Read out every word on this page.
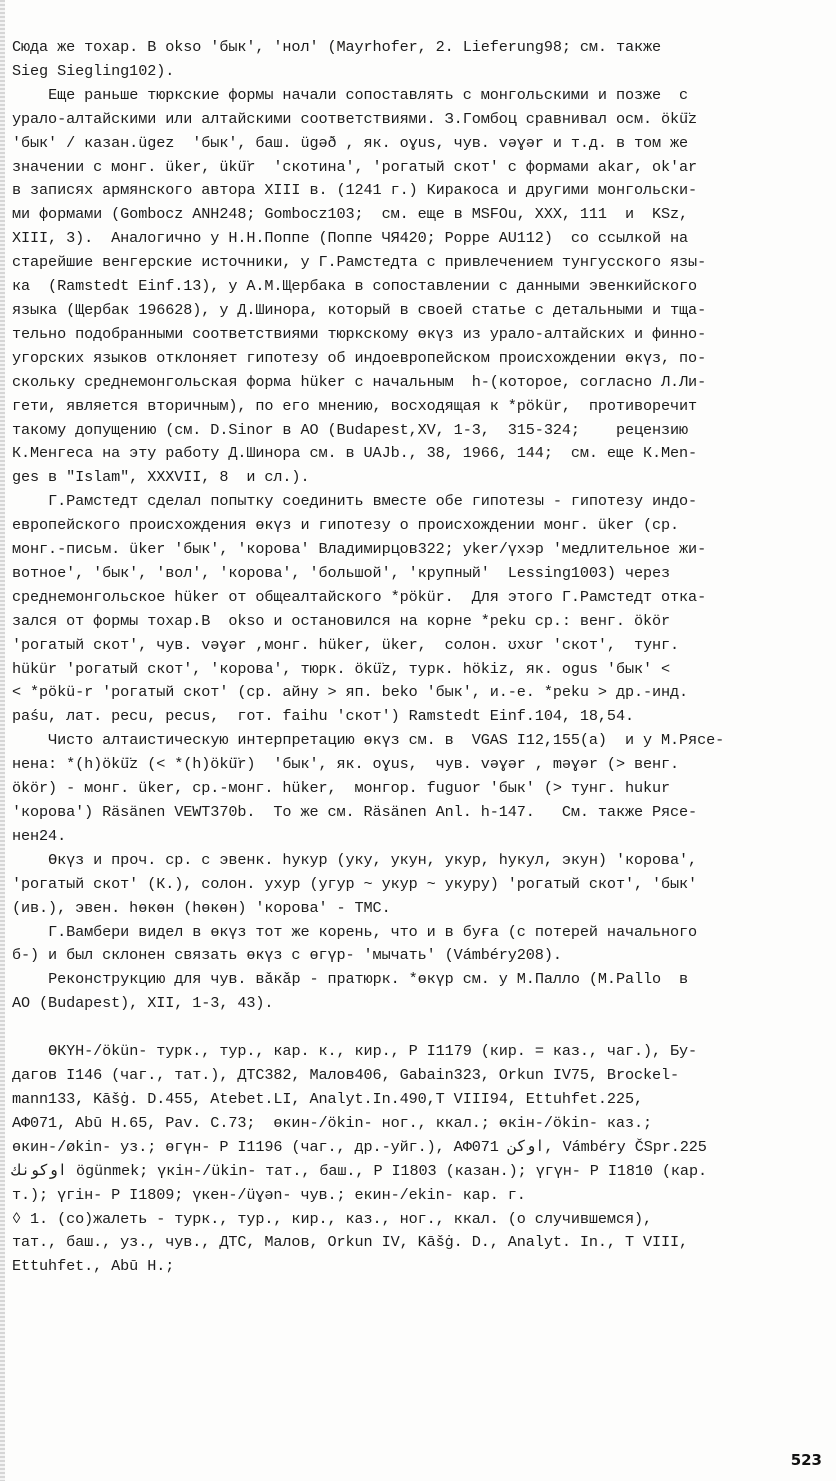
Сюда же тохар. В okso 'бык', 'нол' (Mayrhofer, 2. Lieferung98; см. также
Sieg Siegling102).

Еще раньше тюркские формы начали сопоставлять с монгольскими и позже  с
урало-алтайскими или алтайскими соответствиями. З.Гомбоц сравнивал осм. ökü̈z
'бык' / казан.ügez  'бык', баш. ügəð , як. oɣus, чув. vəɣər и т.д. в том же
значении с монг. üker, ükü̈r  'скотина', 'рогатый скот' с формами akar, ok'ar
в записях армянского автора XIII в. (1241 г.) Киракоса и другими монгольски-
ми формами (Gombocz ANH248; Gombocz103;  см. еще в MSFOu, XXX, 111  и  KSz,
XIII, 3).  Аналогично у Н.Н.Поппе (Поппе ЧЯ420; Poppe AU112)  со ссылкой на
старейшие венгерские источники, у Г.Рамстедта с привлечением тунгусского язы-
ка  (Ramstedt Einf.13), у А.М.Щербака в сопоставлении с данными эвенкийского
языка (Щербак 196628), у Д.Шинора, который в своей статье с детальными и тща-
тельно подобранными соответствиями тюркскому өкүз из урало-алтайских и финно-
угорских языков отклоняет гипотезу об индоевропейском происхождении өкүз, по-
скольку среднемонгольская форма hüker с начальным  h-(которое, согласно Л.Ли-
гети, является вторичным), по его мнению, восходящая к *pökür,  противоречит
такому допущению (см. D.Sinor в AO (Budapest,XV, 1-3,  315-324;    рецензию
К.Менгеса на эту работу Д.Шинора см. в UAJb., 38, 1966, 144;  см. еще К.Men-
ges в "Islam", XXXVII, 8  и сл.).

Г.Рамстедт сделал попытку соединить вместе обе гипотезы - гипотезу индо-
европейского происхождения өкүз и гипотезу о происхождении монг. üker (ср.
монг.-письм. üker 'бык', 'корова' Владимирцов322; yker/үхэр 'медлительное жи-
вотное', 'бык', 'вол', 'корова', 'большой', 'крупный'  Lessing1003) через
среднемонгольское hüker от общеалтайского *pökür.  Для этого Г.Рамстедт отка-
зался от формы тохар.В  okso и остановился на корне *peku ср.: венг. ökör
'рогатый скот', чув. vəɣər ,монг. hüker, üker,  солон. ʊxʊr 'скот',  тунг.
hükür 'рогатый скот', 'корова', тюрк. ökü̈z, турк. hökiz, як. ogus 'бык' <
< *pökü-r 'рогатый скот' (ср. айну > яп. beko 'бык', и.-е. *peku > др.-инд.
paśu, лат. pecu, pecus,  гот. faihu 'скот') Ramstedt Einf.104, 18,54.

Чисто алтаистическую интерпретацию өкүз см. в  VGAS I12,155(a)  и у М.Рясе-
нена: *(h)ökü̈z (< *(h)ökü̈r)  'бык', як. oɣus,  чув. vəɣər , məɣər (> венг.
ökör) - монг. üker, ср.-монг. hüker,  монгор. fuguor 'бык' (> тунг. hukur
'корова') Räsänen VEWT370b.  То же см. Räsänen Anl. h-147.   См. также Рясе-
нен24.

Өкүз и проч. ср. с эвенк. һукур (уку, укун, укур, һукул, экун) 'корова',
'рогатый скот' (К.), солон. ухур (угур ~ укур ~ укуру) 'рогатый скот', 'бык'
(ив.), эвен. һөкөн (һөкөн) 'корова' - ТМС.

Г.Вамбери видел в өкүз тот же корень, что и в буға (с потерей начального
б-) и был склонен связать өкүз с өгүр- 'мычать' (Vámbéry208).

Реконструкцию для чув. вǎкǎр - пратюрк. *өкүр см. у М.Палло (M.Pallo  в
AO (Budapest), XII, 1-3, 43).

ӨКҮН-/ökün- турк., тур., кар. к., кир., Р I1179 (кир. = каз., чаг.), Бу-
дагов I146 (чаг., тат.), ДТС382, Малов406, Gabain323, Orkun IV75, Brockel-
mann133, Kāšġ. D.455, Atebet.LI, Analyt.In.490,Т VIII94, Ettuhfet.225,
АФ071, Abū H.65, Pav. C.73;  өкин-/ökin- ног., ккал.; өкін-/ökin- каз.;
өкин-/økin- уз.; өгүн- Р I1196 (чаг., др.-уйг.), АФ071 اوكن, Vámbéry ČSpr.225
اوكونك ögünmek; үкін-/ükin- тат., баш., Р I1803 (казан.); үгүн- Р I1810 (кар.
т.); үгін- Р I1809; үкен-/üɣən- чув.; екин-/ekin- кар. г.
◊ 1. (со)жалеть - турк., тур., кир., каз., ног., ккал. (о случившемся),
тат., баш., уз., чув., ДТС, Малов, Orkun IV, Kāšġ. D., Analyt. In., Т VIII,
Ettuhfet., Abū H.;

523
